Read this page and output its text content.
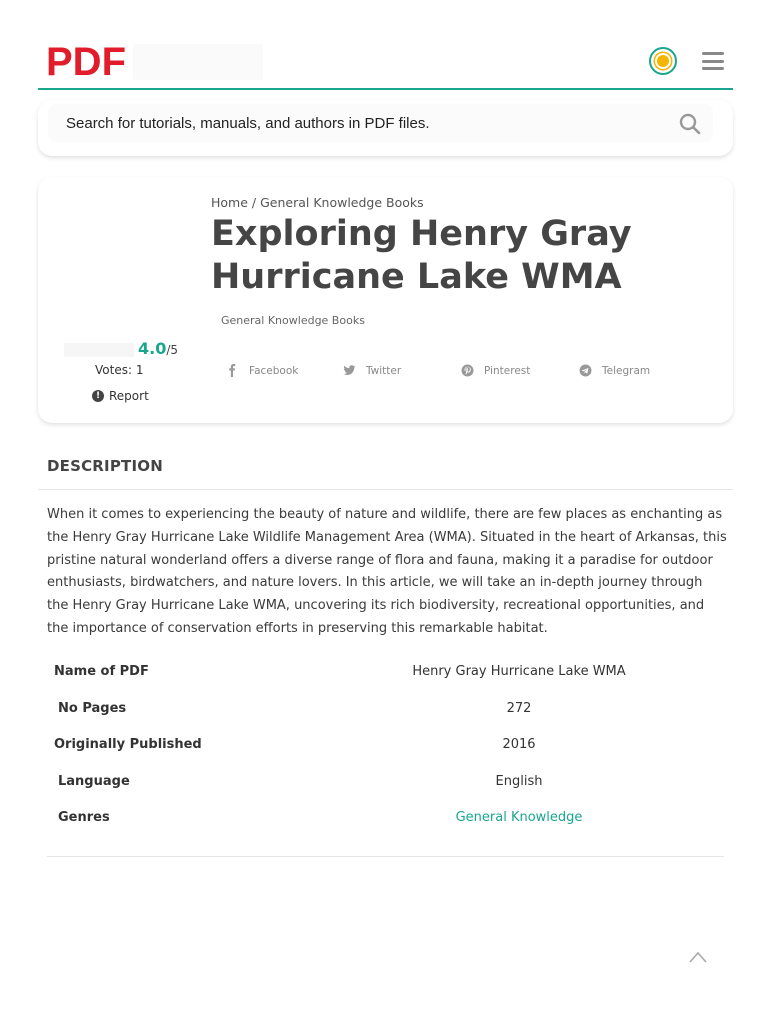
PDF
Search for tutorials, manuals, and authors in PDF files.
Home / General Knowledge Books
Exploring Henry Gray Hurricane Lake WMA
General Knowledge Books
4.0/5
Votes: 1
! Report
Facebook	Twitter	Pinterest	Telegram
DESCRIPTION

When it comes to experiencing the beauty of nature and wildlife, there are few places as enchanting as the Henry Gray Hurricane Lake Wildlife Management Area (WMA). Situated in the heart of Arkansas, this pristine natural wonderland offers a diverse range of flora and fauna, making it a paradise for outdoor enthusiasts, birdwatchers, and nature lovers. In this article, we will take an in-depth journey through the Henry Gray Hurricane Lake WMA, uncovering its rich biodiversity, recreational opportunities, and the importance of conservation efforts in preserving this remarkable habitat.

Name of PDF	Henry Gray Hurricane Lake WMA
No Pages	272
Originally Published	2016
Language	English
Genres	General Knowledge
